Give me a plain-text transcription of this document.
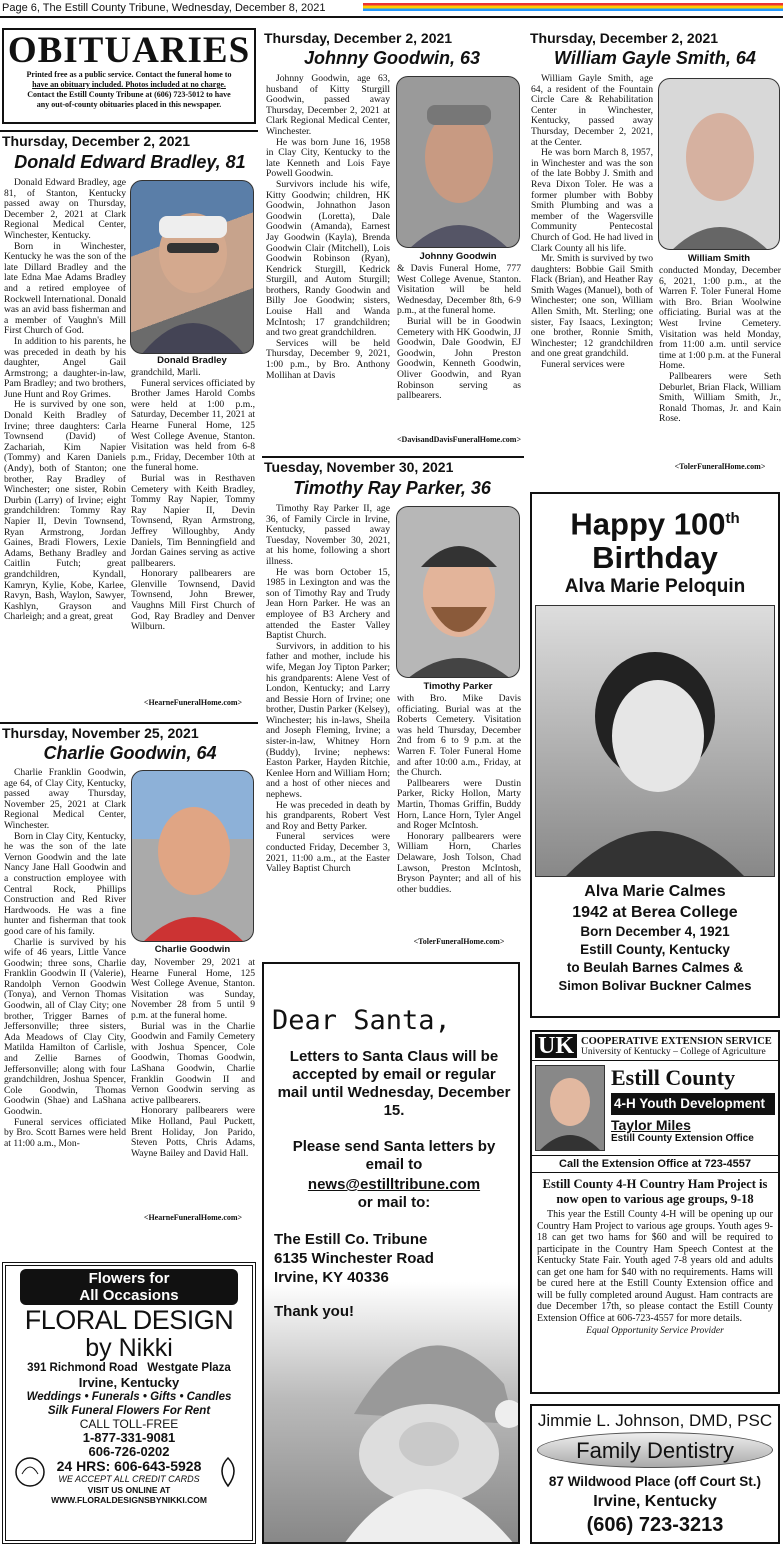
Page 6, The Estill County Tribune, Wednesday, December 8, 2021
OBITUARIES
Printed free as a public service. Contact the funeral home to
have an obituary included. Photos included at no charge.
Contact the Estill County Tribune at (606) 723-5012 to have
any out-of-county obituaries placed in this newspaper.
Thursday, December 2, 2021
Donald Edward Bradley, 81

Donald Edward Bradley, age 81, of Stanton, Kentucky passed away on Thursday, December 2, 2021 at Clark Regional Medical Center, Winchester, Kentucky.

Born in Winchester, Kentucky he was the son of the late Dillard Bradley and the late Edna Mae Adams Bradley and a retired employee of Rockwell International. Donald was an avid bass fisherman and a member of Vaughn's Mill First Church of God.

In addition to his parents, he was preceded in death by his daughter, Angel Gail Armstrong; a daughter-in-law, Pam Bradley; and two brothers, June Hunt and Roy Grimes.

He is survived by one son, Donald Keith Bradley of Irvine; three daughters: Carla Townsend (David) of Zachariah, Kim Napier (Tommy) and Karen Daniels (Andy), both of Stanton; one brother, Ray Bradley of Winchester; one sister, Robin Durbin (Larry) of Irvine; eight grandchildren: Tommy Ray Napier II, Devin Townsend, Ryan Armstrong, Jordan Gaines, Bradi Flowers, Lexie Adams, Bethany Bradley and Caitlin Futch; great grandchildren, Kyndall, Kamryn, Kylie, Kobe, Karlee, Ravyn, Bash, Waylon, Sawyer, Kashlyn, Grayson and Charleigh; and a great, great

Donald Bradley

grandchild, Marli.

Funeral services officiated by Brother James Harold Combs were held at 1:00 p.m., Saturday, December 11, 2021 at Hearne Funeral Home, 125 West College Avenue, Stanton. Visitation was held from 6-8 p.m., Friday, December 10th at the funeral home.

Burial was in Resthaven Cemetery with Keith Bradley, Tommy Ray Napier, Tommy Ray Napier II, Devin Townsend, Ryan Armstrong, Jeffrey Willoughby, Andy Daniels, Tim Benningfield and Jordan Gaines serving as active pallbearers.

Honorary pallbearers are Glenville Townsend, David Townsend, John Brewer, Vaughns Mill First Church of God, Ray Bradley and Denver Wilburn.

<HearneFuneralHome.com>
Thursday, November 25, 2021
Charlie Goodwin, 64

Charlie Franklin Goodwin, age 64, of Clay City, Kentucky, passed away Thursday, November 25, 2021 at Clark Regional Medical Center, Winchester.

Born in Clay City, Kentucky, he was the son of the late Vernon Goodwin and the late Nancy Jane Hall Goodwin and a construction employee with Central Rock, Phillips Construction and Red River Hardwoods. He was a fine hunter and fisherman that took good care of his family.

Charlie is survived by his wife of 46 years, Little Vance Goodwin; three sons, Charlie Franklin Goodwin II (Valerie), Randolph Vernon Goodwin (Tonya), and Vernon Thomas Goodwin, all of Clay City; one brother, Trigger Barnes of Jeffersonville; three sisters, Ada Meadows of Clay City, Matilda Hamilton of Carlisle, and Zellie Barnes of Jeffersonville; along with four grandchildren, Joshua Spencer, Cole Goodwin, Thomas Goodwin (Shae) and LaShana Goodwin.

Funeral services officiated by Bro. Scott Barnes were held at 11:00 a.m., Mon-

Charlie Goodwin

day, November 29, 2021 at Hearne Funeral Home, 125 West College Avenue, Stanton. Visitation was Sunday, November 28 from 5 until 9 p.m. at the funeral home.

Burial was in the Charlie Goodwin and Family Cemetery with Joshua Spencer, Cole Goodwin, Thomas Goodwin, LaShana Goodwin, Charlie Franklin Goodwin II and Vernon Goodwin serving as active pallbearers.

Honorary pallbearers were Mike Holland, Paul Puckett, Brent Holiday, Jon Parido, Steven Potts, Chris Adams, Wayne Bailey and David Hall.

<HearneFuneralHome.com>
Thursday, December 2, 2021
Johnny Goodwin, 63

Johnny Goodwin, age 63, husband of Kitty Sturgill Goodwin, passed away Thursday, December 2, 2021 at Clark Regional Medical Center, Winchester.

He was born June 16, 1958 in Clay City, Kentucky to the late Kenneth and Lois Faye Powell Goodwin.

Survivors include his wife, Kitty Goodwin; children, HK Goodwin, Johnathon Jason Goodwin (Loretta), Dale Goodwin (Amanda), Earnest Jay Goodwin (Kayla), Brenda Goodwin Clair (Mitchell), Lois Goodwin Robinson (Ryan), Kendrick Sturgill, Kedrick Sturgill, and Autom Sturgill; brothers, Randy Goodwin and Billy Joe Goodwin; sisters, Louise Hall and Wanda McIntosh; 17 grandchildren; and two great grandchildren.

Services will be held Thursday, December 9, 2021, 1:00 p.m., by Bro. Anthony Mollihan at Davis

Johnny Goodwin

& Davis Funeral Home, 777 West College Avenue, Stanton. Visitation will be held Wednesday, December 8th, 6-9 p.m., at the funeral home.

Burial will be in Goodwin Cemetery with HK Goodwin, JJ Goodwin, Dale Goodwin, EJ Goodwin, John Preston Goodwin, Kenneth Goodwin, Oliver Goodwin, and Ryan Robinson serving as pallbearers.

<DavisandDavisFuneralHome.com>
Tuesday, November 30, 2021
Timothy Ray Parker, 36

Timothy Ray Parker II, age 36, of Family Circle in Irvine, Kentucky, passed away Tuesday, November 30, 2021, at his home, following a short illness.

He was born October 15, 1985 in Lexington and was the son of Timothy Ray and Trudy Jean Horn Parker. He was an employee of B3 Archery and attended the Easter Valley Baptist Church.

Survivors, in addition to his father and mother, include his wife, Megan Joy Tipton Parker; his grandparents: Alene Vest of London, Kentucky; and Larry and Bessie Horn of Irvine; one brother, Dustin Parker (Kelsey), Winchester; his in-laws, Sheila and Joseph Fleming, Irvine; a sister-in-law, Whitney Horn (Buddy), Irvine; nephews: Easton Parker, Hayden Ritchie, Kenlee Horn and William Horn; and a host of other nieces and nephews.

He was preceded in death by his grandparents, Robert Vest and Roy and Betty Parker.

Funeral services were conducted Friday, December 3, 2021, 11:00 a.m., at the Easter Valley Baptist Church

Timothy Parker

with Bro. Mike Davis officiating. Burial was at the Roberts Cemetery. Visitation was held Thursday, December 2nd from 6 to 9 p.m. at the Warren F. Toler Funeral Home and after 10:00 a.m., Friday, at the Church.

Pallbearers were Dustin Parker, Ricky Hollon, Marty Martin, Thomas Griffin, Buddy Horn, Lance Horn, Tyler Angel and Roger McIntosh.

Honorary pallbearers were William Horn, Charles Delaware, Josh Tolson, Chad Lawson, Preston McIntosh, Bryson Paynter; and all of his other buddies.

<TolerFuneralHome.com>
Thursday, December 2, 2021
William Gayle Smith, 64

William Gayle Smith, age 64, a resident of the Fountain Circle Care & Rehabilitation Center in Winchester, Kentucky, passed away Thursday, December 2, 2021, at the Center.

He was born March 8, 1957, in Winchester and was the son of the late Bobby J. Smith and Reva Dixon Toler. He was a former plumber with Bobby Smith Plumbing and was a member of the Wagersville Community Pentecostal Church of God. He had lived in Clark County all his life.

Mr. Smith is survived by two daughters: Bobbie Gail Smith Flack (Brian), and Heather Ray Smith Wages (Manuel), both of Winchester; one son, William Allen Smith, Mt. Sterling; one sister, Fay Isaacs, Lexington; one brother, Ronnie Smith, Winchester; 12 grandchildren and one great grandchild.

Funeral services were

William Smith

conducted Monday, December 6, 2021, 1:00 p.m., at the Warren F. Toler Funeral Home with Bro. Brian Woolwine officiating. Burial was at the West Irvine Cemetery. Visitation was held Monday, from 11:00 a.m. until service time at 1:00 p.m. at the Funeral Home.

Pallbearers were Seth Deburlet, Brian Flack, William Smith, William Smith, Jr., Ronald Thomas, Jr. and Kain Rose.

<TolerFuneralHome.com>
Happy 100th
Birthday
Alva Marie Peloquin
Alva Marie Calmes
1942 at Berea College
Born December 4, 1921
Estill County, Kentucky
to Beulah Barnes Calmes &
Simon Bolivar Buckner Calmes
UK COOPERATIVE EXTENSION SERVICE
University of Kentucky – College of Agriculture
Estill County
4-H Youth Development
Taylor Miles
Estill County Extension Office
Call the Extension Office at 723-4557
Estill County 4-H Country Ham Project is now open to various age groups, 9-18
This year the Estill County 4-H will be opening up our Country Ham Project to various age groups. Youth ages 9-18 can get two hams for $60 and will be required to participate in the Country Ham Speech Contest at the Kentucky State Fair. Youth aged 7-8 years old and adults can get one ham for $40 with no requirements. Hams will be cured here at the Estill County Extension office and will be fully completed around August. Ham contracts are due December 17th, so please contact the Estill County Extension Office at 606-723-4557 for more details.
Equal Opportunity Service Provider
Jimmie L. Johnson, DMD, PSC
Family Dentistry
87 Wildwood Place (off Court St.)
Irvine, Kentucky
(606) 723-3213
Dear Santa,
Letters to Santa Claus will be accepted by email or regular mail until Wednesday, December 15.
Please send Santa letters by email to
news@estilltribune.com
or mail to:
The Estill Co. Tribune
6135 Winchester Road
Irvine, KY 40336
Thank you!
Flowers for
All Occasions
FLORAL DESIGN
by Nikki
391 Richmond Road   Westgate Plaza
Irvine, Kentucky
Weddings • Funerals • Gifts • Candles
Silk Funeral Flowers For Rent
CALL TOLL-FREE
1-877-331-9081
606-726-0202
24 HRS: 606-643-5928
WE ACCEPT ALL CREDIT CARDS
VISIT US ONLINE AT
WWW.FLORALDESIGNSBYNIKKI.COM
